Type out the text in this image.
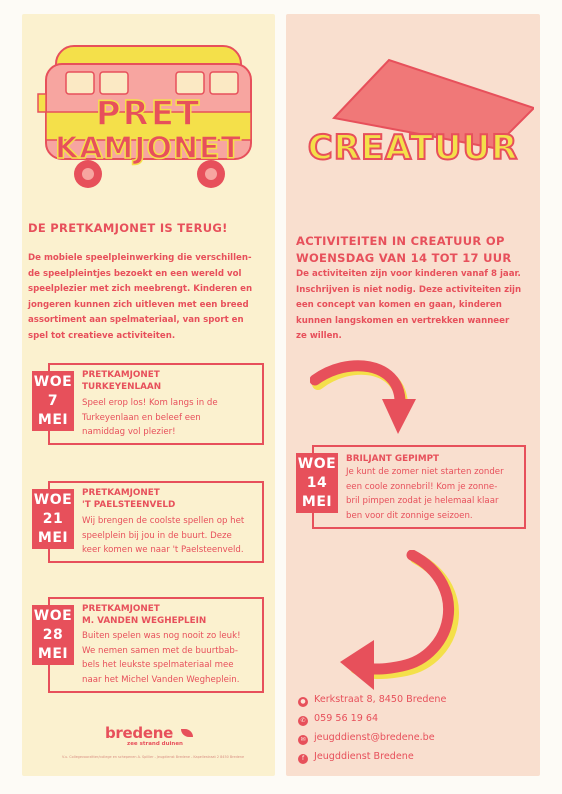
PRET
KAMJONET
DE PRETKAMJONET IS TERUG!
De mobiele speelpleinwerking die verschillen-
de speelpleintjes bezoekt en een wereld vol
speelplezier met zich meebrengt. Kinderen en
jongeren kunnen zich uitleven met een breed
assortiment aan spelmateriaal, van sport en
spel tot creatieve activiteiten.
WOE
7
MEI
PRETKAMJONET
TURKEYENLAAN
Speel erop los! Kom langs in de
Turkeyenlaan en beleef een
namiddag vol plezier!
WOE
21
MEI
PRETKAMJONET
'T PAELSTEENVELD
Wij brengen de coolste spellen op het
speelplein bij jou in de buurt. Deze
keer komen we naar 't Paelsteenveld.
WOE
28
MEI
PRETKAMJONET
M. VANDEN WEGHEPLEIN
Buiten spelen was nog nooit zo leuk!
We nemen samen met de buurtbab-
bels het leukste spelmateriaal mee
naar het Michel Vanden Wegheplein.
bredene
zee strand duinen
V.u. Collegevoorzitter/college en schepenen A. Spillier - Jeugdienst Bredene - Kapellestraat 2 8450 Bredene
CREATUUR
ACTIVITEITEN IN CREATUUR OP
WOENSDAG VAN 14 TOT 17 UUR
De activiteiten zijn voor kinderen vanaf 8 jaar.
Inschrijven is niet nodig. Deze activiteiten zijn
een concept van komen en gaan, kinderen
kunnen langskomen en vertrekken wanneer
ze willen.
WOE
14
MEI
BRILJANT GEPIMPT
Je kunt de zomer niet starten zonder
een coole zonnebril! Kom je zonne-
bril pimpen zodat je helemaal klaar
ben voor dit zonnige seizoen.
● Kerkstraat 8, 8450 Bredene
✆ 059 56 19 64
✉ jeugddienst@bredene.be
f Jeugddienst Bredene
